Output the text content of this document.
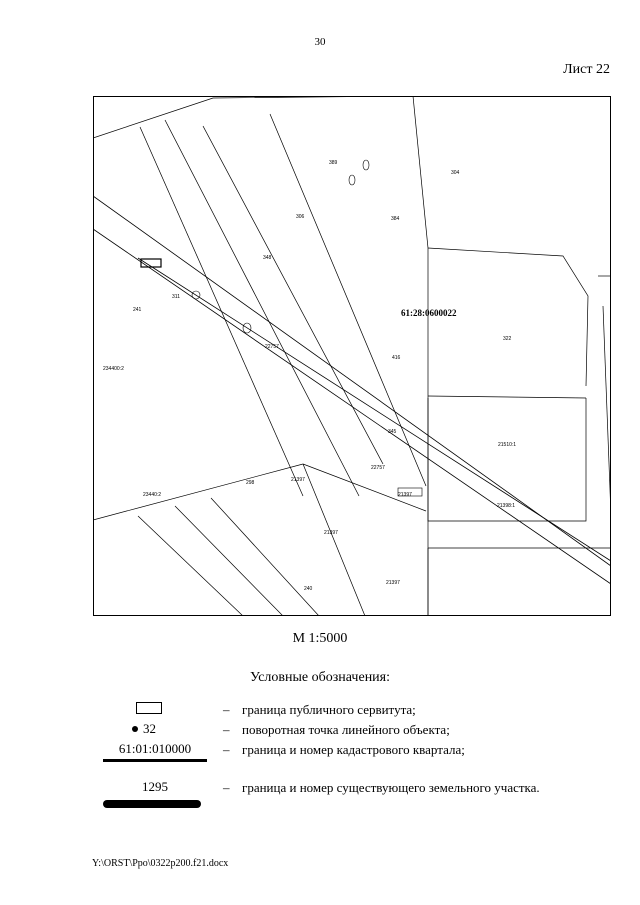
30
Лист 22
61:28:0600022
389
304
306	384
348
311
241
22757
234400:2
416
322
21510:1
345
22757
21397
298
23440:2	21397
21397
21398:1
21397
240
М 1:5000
Условные обозначения:
– граница публичного сервитута;
32	– поворотная точка линейного объекта;
61:01:010000	– граница и номер кадастрового квартала;
1295	– граница и номер существующего земельного участка.
Y:\ORST\Ppo\0322p200.f21.docx
